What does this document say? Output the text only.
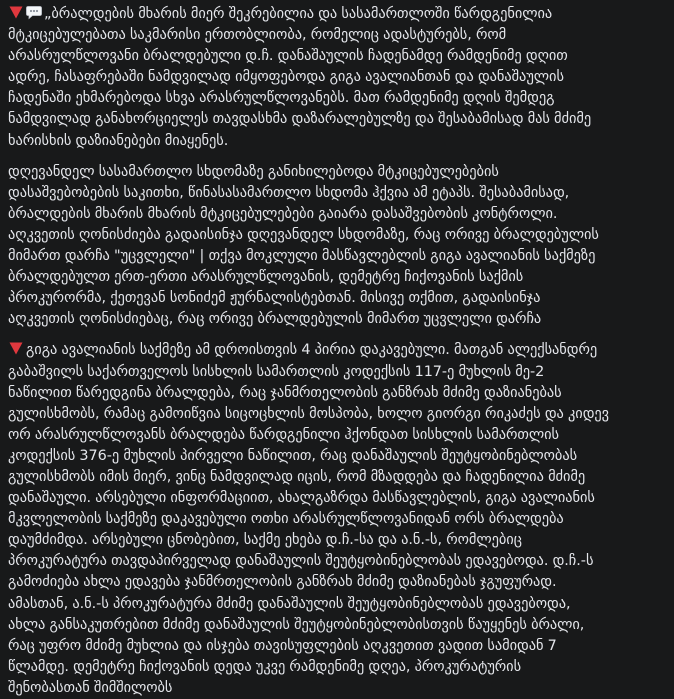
„ბრალდების მხარის მიერ შეკრებილია და სასამართლოში წარდგენილია
მტკიცებულებათა საკმარისი ერთობლიობა, რომელიც ადასტურებს, რომ
არასრულწლოვანი ბრალდებული დ.ჩ. დანაშაულის ჩადენამდე რამდენიმე დღით
ადრე, ჩასაფრებაში ნამდვილად იმყოფებოდა გიგა ავალიანთან და დანაშაულის
ჩადენაში ეხმარებოდა სხვა არასრულწლოვანებს. მათ რამდენიმე დღის შემდეგ
ნამდვილად განახორციელეს თავდასხმა დაზარალებულზე და შესაბამისად მას მძიმე
ხარისხის დაზიანებები მიაყენეს.

დღევანდელ სასამართლო სხდომაზე განიხილებოდა მტკიცებულებების
დასაშვებობების საკითხი, წინასასამართლო სხდომა ჰქვია ამ ეტაპს. შესაბამისად,
ბრალდების მხარის მხარის მტკიცებულებები გაიარა დასაშვებობის კონტროლი.
აღკვეთის ღონისძიება გადაისინჯა დღევანდელ სხდომაზე, რაც ორივე ბრალდებულის
მიმართ დარჩა "უცვლელი" | თქვა მოკლული მასწავლებლის გიგა ავალიანის საქმეზე
ბრალდებულთ ერთ-ერთი არასრულწლოვანის, დემეტრე ჩიქოვანის საქმის
პროკურორმა, ქეთევან სონიძემ ჟურნალისტებთან. მისივე თქმით, გადაისინჯა
აღკვეთის ღონისძიებაც, რაც ორივე ბრალდებულის მიმართ უცვლელი დარჩა

გიგა ავალიანის საქმეზე ამ დროისთვის 4 პირია დაკავებული. მათგან ალექსანდრე
გაბაშვილს საქართველოს სისხლის სამართლის კოდექსის 117-ე მუხლის მე-2
ნაწილით წარედგინა ბრალდება, რაც ჯანმრთელობის განზრახ მძიმე დაზიანებას
გულისხმობს, რამაც გამოიწვია სიცოცხლის მოსპობა, ხოლო გიორგი რიკაძეს და კიდევ
ორ არასრულწლოვანს ბრალდება წარდგენილი ჰქონდათ სისხლის სამართლის
კოდექსის 376-ე მუხლის პირველი ნაწილით, რაც დანაშაულის შეუტყობინებლობას
გულისხმობს იმის მიერ, ვინც ნამდვილად იცის, რომ მზადდება და ჩადენილია მძიმე
დანაშაული. არსებული ინფორმაციით, ახალგაზრდა მასწავლებლის, გიგა ავალიანის
მკვლელობის საქმეზე დაკავებული ოთხი არასრულწლოვანიდან ორს ბრალდება
დაუმძიმდა. არსებული ცნობებით, საქმე ეხება დ.ჩ.-სა და ა.ნ.-ს, რომლებიც
პროკურატურა თავდაპირველად დანაშაულის შეუტყობინებლობას ედავებოდა. დ.ჩ.-ს
გამოძიება ახლა ედავება ჯანმრთელობის განზრახ მძიმე დაზიანებას ჯგუფურად.
ამასთან, ა.ნ.-ს პროკურატურა მძიმე დანაშაულის შეუტყობინებლობას ედავებოდა,
ახლა განსაკუთრებით მძიმე დანაშაულის შეუტყობინებლობისთვის წაუყენეს ბრალი,
რაც უფრო მძიმე მუხლია და ისჯება თავისუფლების აღკვეთით ვადით სამიდან 7
წლამდე. დემეტრე ჩიქოვანის დედა უკვე რამდენიმე დღეა, პროკურატურის
შენობასთან შიმშილობს
